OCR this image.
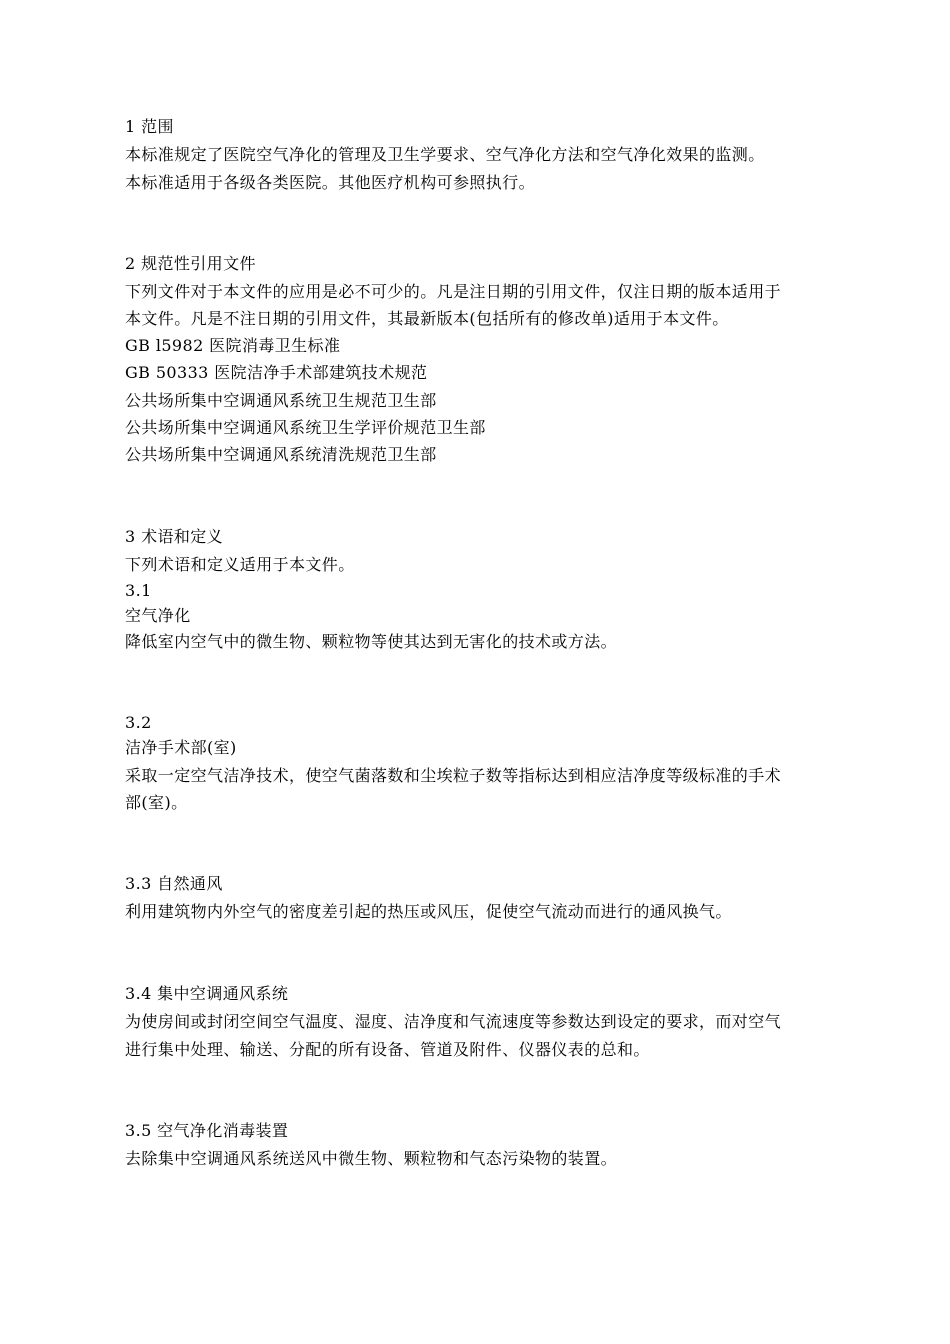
1 范围
本标准规定了医院空气净化的管理及卫生学要求、空气净化方法和空气净化效果的监测。
本标准适用于各级各类医院。其他医疗机构可参照执行。
2 规范性引用文件
下列文件对于本文件的应用是必不可少的。凡是注日期的引用文件，仅注日期的版本适用于
本文件。凡是不注日期的引用文件，其最新版本(包括所有的修改单)适用于本文件。
GB l5982 医院消毒卫生标准
GB 50333 医院洁净手术部建筑技术规范
公共场所集中空调通风系统卫生规范卫生部
公共场所集中空调通风系统卫生学评价规范卫生部
公共场所集中空调通风系统清洗规范卫生部
3 术语和定义
下列术语和定义适用于本文件。
3.1
空气净化
降低室内空气中的微生物、颗粒物等使其达到无害化的技术或方法。
3.2
洁净手术部(室)
采取一定空气洁净技术，使空气菌落数和尘埃粒子数等指标达到相应洁净度等级标准的手术
部(室)。
3.3 自然通风
利用建筑物内外空气的密度差引起的热压或风压，促使空气流动而进行的通风换气。
3.4 集中空调通风系统
为使房间或封闭空间空气温度、湿度、洁净度和气流速度等参数达到设定的要求，而对空气
进行集中处理、输送、分配的所有设备、管道及附件、仪器仪表的总和。
3.5 空气净化消毒装置
去除集中空调通风系统送风中微生物、颗粒物和气态污染物的装置。
